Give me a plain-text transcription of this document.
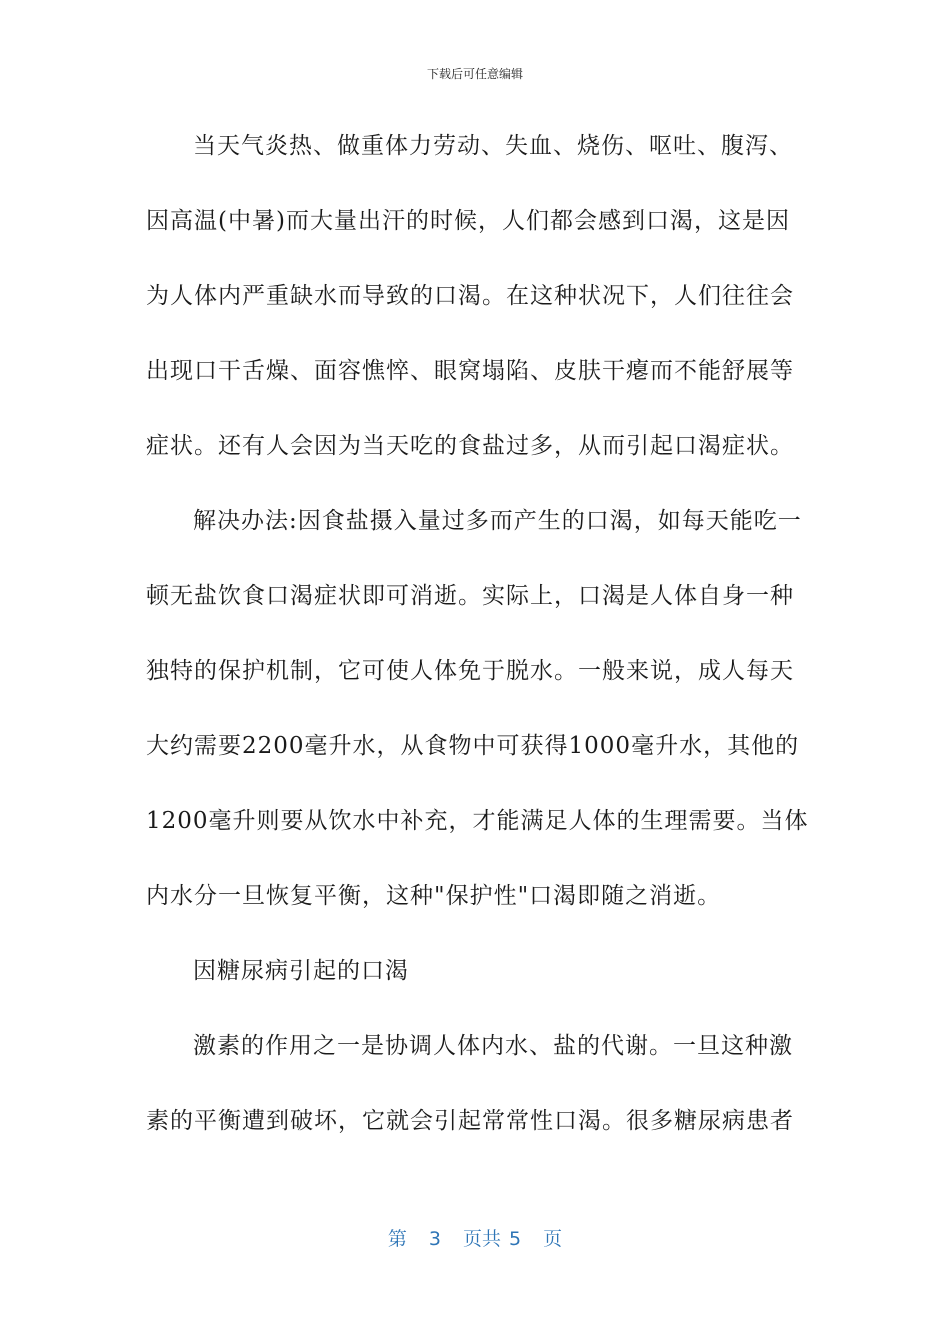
下载后可任意编辑
当天气炎热、做重体力劳动、失血、烧伤、呕吐、腹泻、
因高温(中暑)而大量出汗的时候，人们都会感到口渴，这是因
为人体内严重缺水而导致的口渴。在这种状况下，人们往往会
出现口干舌燥、面容憔悴、眼窝塌陷、皮肤干瘪而不能舒展等
症状。还有人会因为当天吃的食盐过多，从而引起口渴症状。
解决办法:因食盐摄入量过多而产生的口渴，如每天能吃一
顿无盐饮食口渴症状即可消逝。实际上，口渴是人体自身一种
独特的保护机制，它可使人体免于脱水。一般来说，成人每天
大约需要2200毫升水，从食物中可获得1000毫升水，其他的
1200毫升则要从饮水中补充，才能满足人体的生理需要。当体
内水分一旦恢复平衡，这种"保护性"口渴即随之消逝。
因糖尿病引起的口渴
激素的作用之一是协调人体内水、盐的代谢。一旦这种激
素的平衡遭到破坏，它就会引起常常性口渴。很多糖尿病患者
第 3 页共 5 页
